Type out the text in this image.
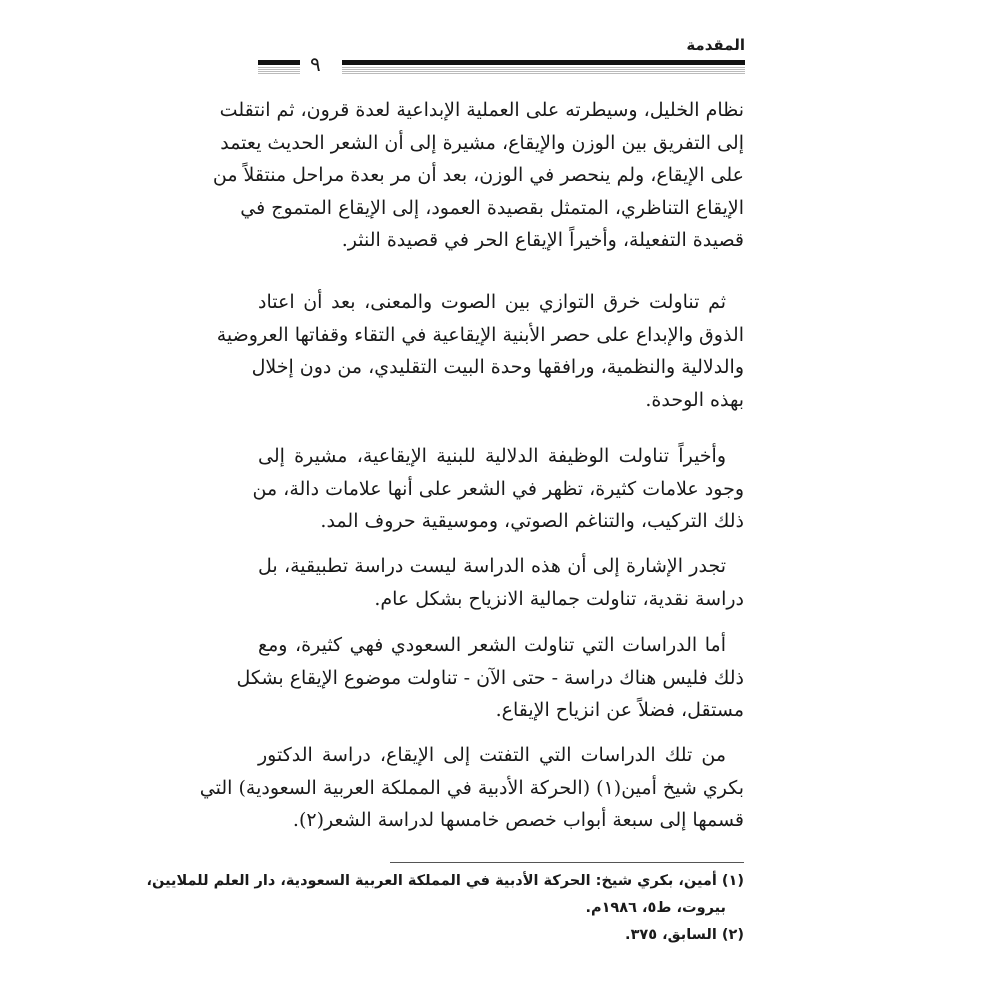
المقدمة
٩
نظام الخليل، وسيطرته على العملية الإبداعية لعدة قرون، ثم انتقلت
إلى التفريق بين الوزن والإيقاع، مشيرة إلى أن الشعر الحديث يعتمد
على الإيقاع، ولم ينحصر في الوزن، بعد أن مر بعدة مراحل منتقلاً من
الإيقاع التناظري، المتمثل بقصيدة العمود، إلى الإيقاع المتموج في
قصيدة التفعيلة، وأخيراً الإيقاع الحر في قصيدة النثر.
ثم تناولت خرق التوازي بين الصوت والمعنى، بعد أن اعتاد
الذوق والإبداع على حصر الأبنية الإيقاعية في التقاء وقفاتها العروضية
والدلالية والنظمية، ورافقها وحدة البيت التقليدي، من دون إخلال
بهذه الوحدة.
وأخيراً تناولت الوظيفة الدلالية للبنية الإيقاعية، مشيرة إلى
وجود علامات كثيرة، تظهر في الشعر على أنها علامات دالة، من
ذلك التركيب، والتناغم الصوتي، وموسيقية حروف المد.
تجدر الإشارة إلى أن هذه الدراسة ليست دراسة تطبيقية، بل
دراسة نقدية، تناولت جمالية الانزياح بشكل عام.
أما الدراسات التي تناولت الشعر السعودي فهي كثيرة، ومع
ذلك فليس هناك دراسة - حتى الآن - تناولت موضوع الإيقاع بشكل
مستقل، فضلاً عن انزياح الإيقاع.
من تلك الدراسات التي التفتت إلى الإيقاع، دراسة الدكتور
بكري شيخ أمين(١) (الحركة الأدبية في المملكة العربية السعودية) التي
قسمها إلى سبعة أبواب خصص خامسها لدراسة الشعر(٢).
(١) أمين، بكري شيخ: الحركة الأدبية في المملكة العربية السعودية، دار العلم للملايين،
بيروت، ط٥، ١٩٨٦م.
(٢) السابق، ٣٧٥.
